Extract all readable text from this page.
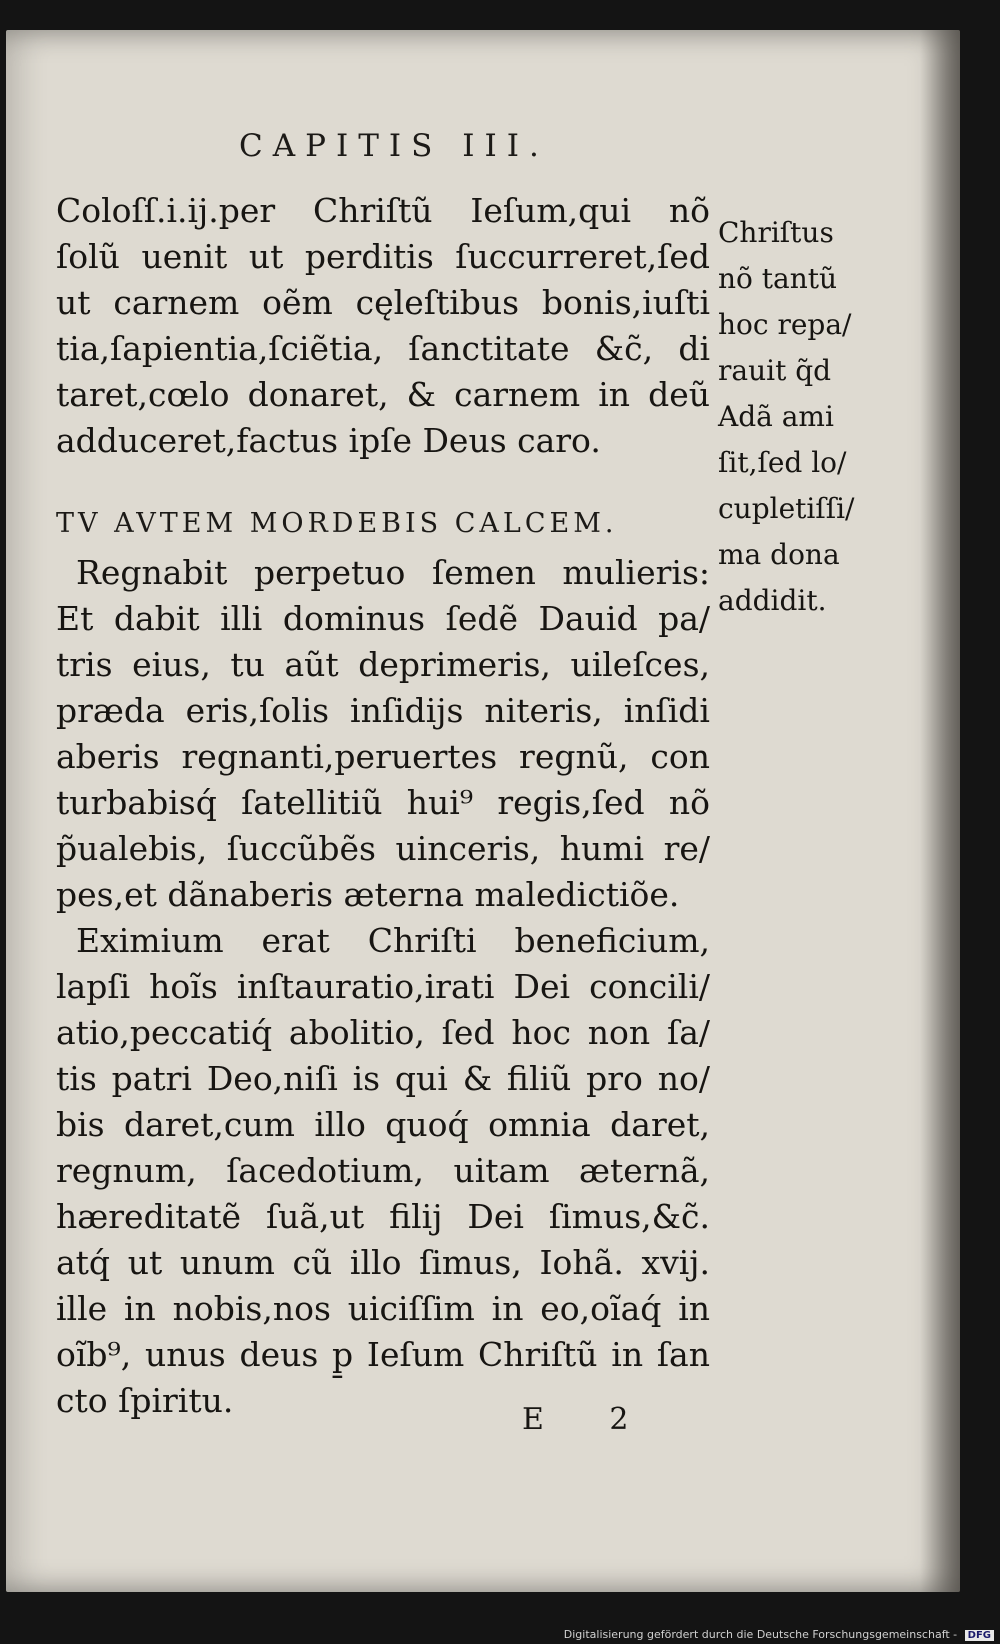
CAPITIS III.
Coloſſ.i.ij.per Chriſtũ Ieſum,qui nõ
ſolũ uenit ut perditis ſuccurreret,ſed
ut carnem oẽm cęleſtibus bonis,iuſti
tia,ſapientia,ſciẽtia, ſanctitate &c̃, di
taret,cœlo donaret, & carnem in deũ
adduceret,factus ipſe Deus caro.
TV AVTEM MORDEBIS CALCEM.
Regnabit perpetuo ſemen mulieris:
Et dabit illi dominus ſedẽ Dauid pa/
tris eius, tu aũt deprimeris, uileſces,
præda eris,ſolis inſidijs niteris, inſidi
aberis regnanti,peruertes regnũ, con
turbabisq́ ſatellitiũ hui⁹ regis,ſed nõ
p̃ualebis, ſuccũbẽs uinceris, humi re/
pes,et dãnaberis æterna maledictiõe.
Eximium erat Chriſti beneficium,
lapſi hoĩs inſtauratio,irati Dei concili/
atio,peccatiq́ abolitio, ſed hoc non ſa/
tis patri Deo,niſi is qui & filiũ pro no/
bis daret,cum illo quoq́ omnia daret,
regnum, ſacedotium, uitam æternã,
hæreditatẽ ſuã,ut filij Dei ſimus,&c̃.
atq́ ut unum cũ illo ſimus, Iohã. xvij.
ille in nobis,nos uiciſſim in eo,oĩaq́ in
oĩb⁹, unus deus p̱ Ieſum Chriſtũ in ſan
cto ſpiritu.
Chriſtus
nõ tantũ
hoc repa/
rauit q̃d
Adã ami
ſit,ſed lo/
cupletiſſi/
ma dona
addidit.
E 2
Digitalisierung gefördert durch die Deutsche Forschungsgemeinschaft - DFG
